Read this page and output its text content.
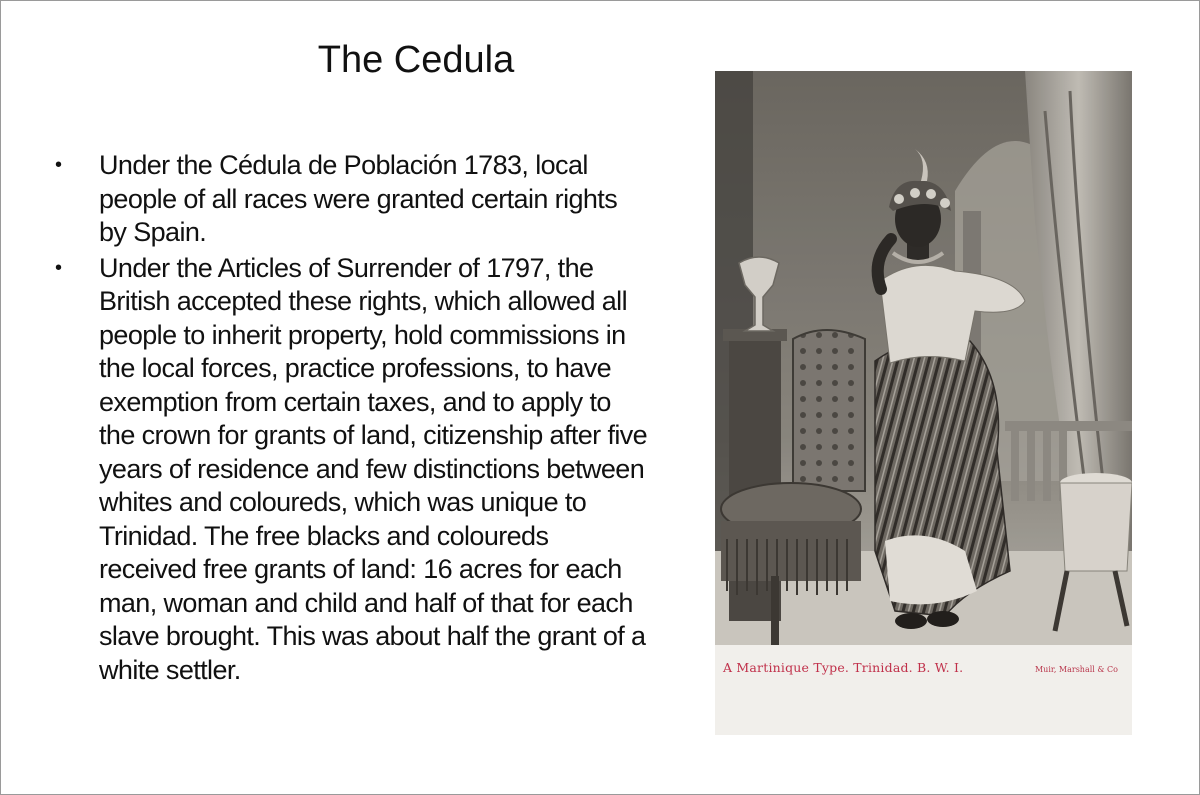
The Cedula
• Under the Cédula de Población 1783, local people of all races were granted certain rights by Spain.
• Under the Articles of Surrender of 1797, the British accepted these rights, which allowed all people to inherit property, hold commissions in the local forces, practice professions, to have exemption from certain taxes, and to apply to the crown for grants of land, citizenship after five years of residence and few distinctions between whites and coloureds, which was unique to Trinidad. The free blacks and coloureds received free grants of land: 16 acres for each man, woman and child and half of that for each slave brought. This was about half the grant of a white settler.	A Martinique Type. Trinidad. B. W. I.	Muir, Marshall & Co
